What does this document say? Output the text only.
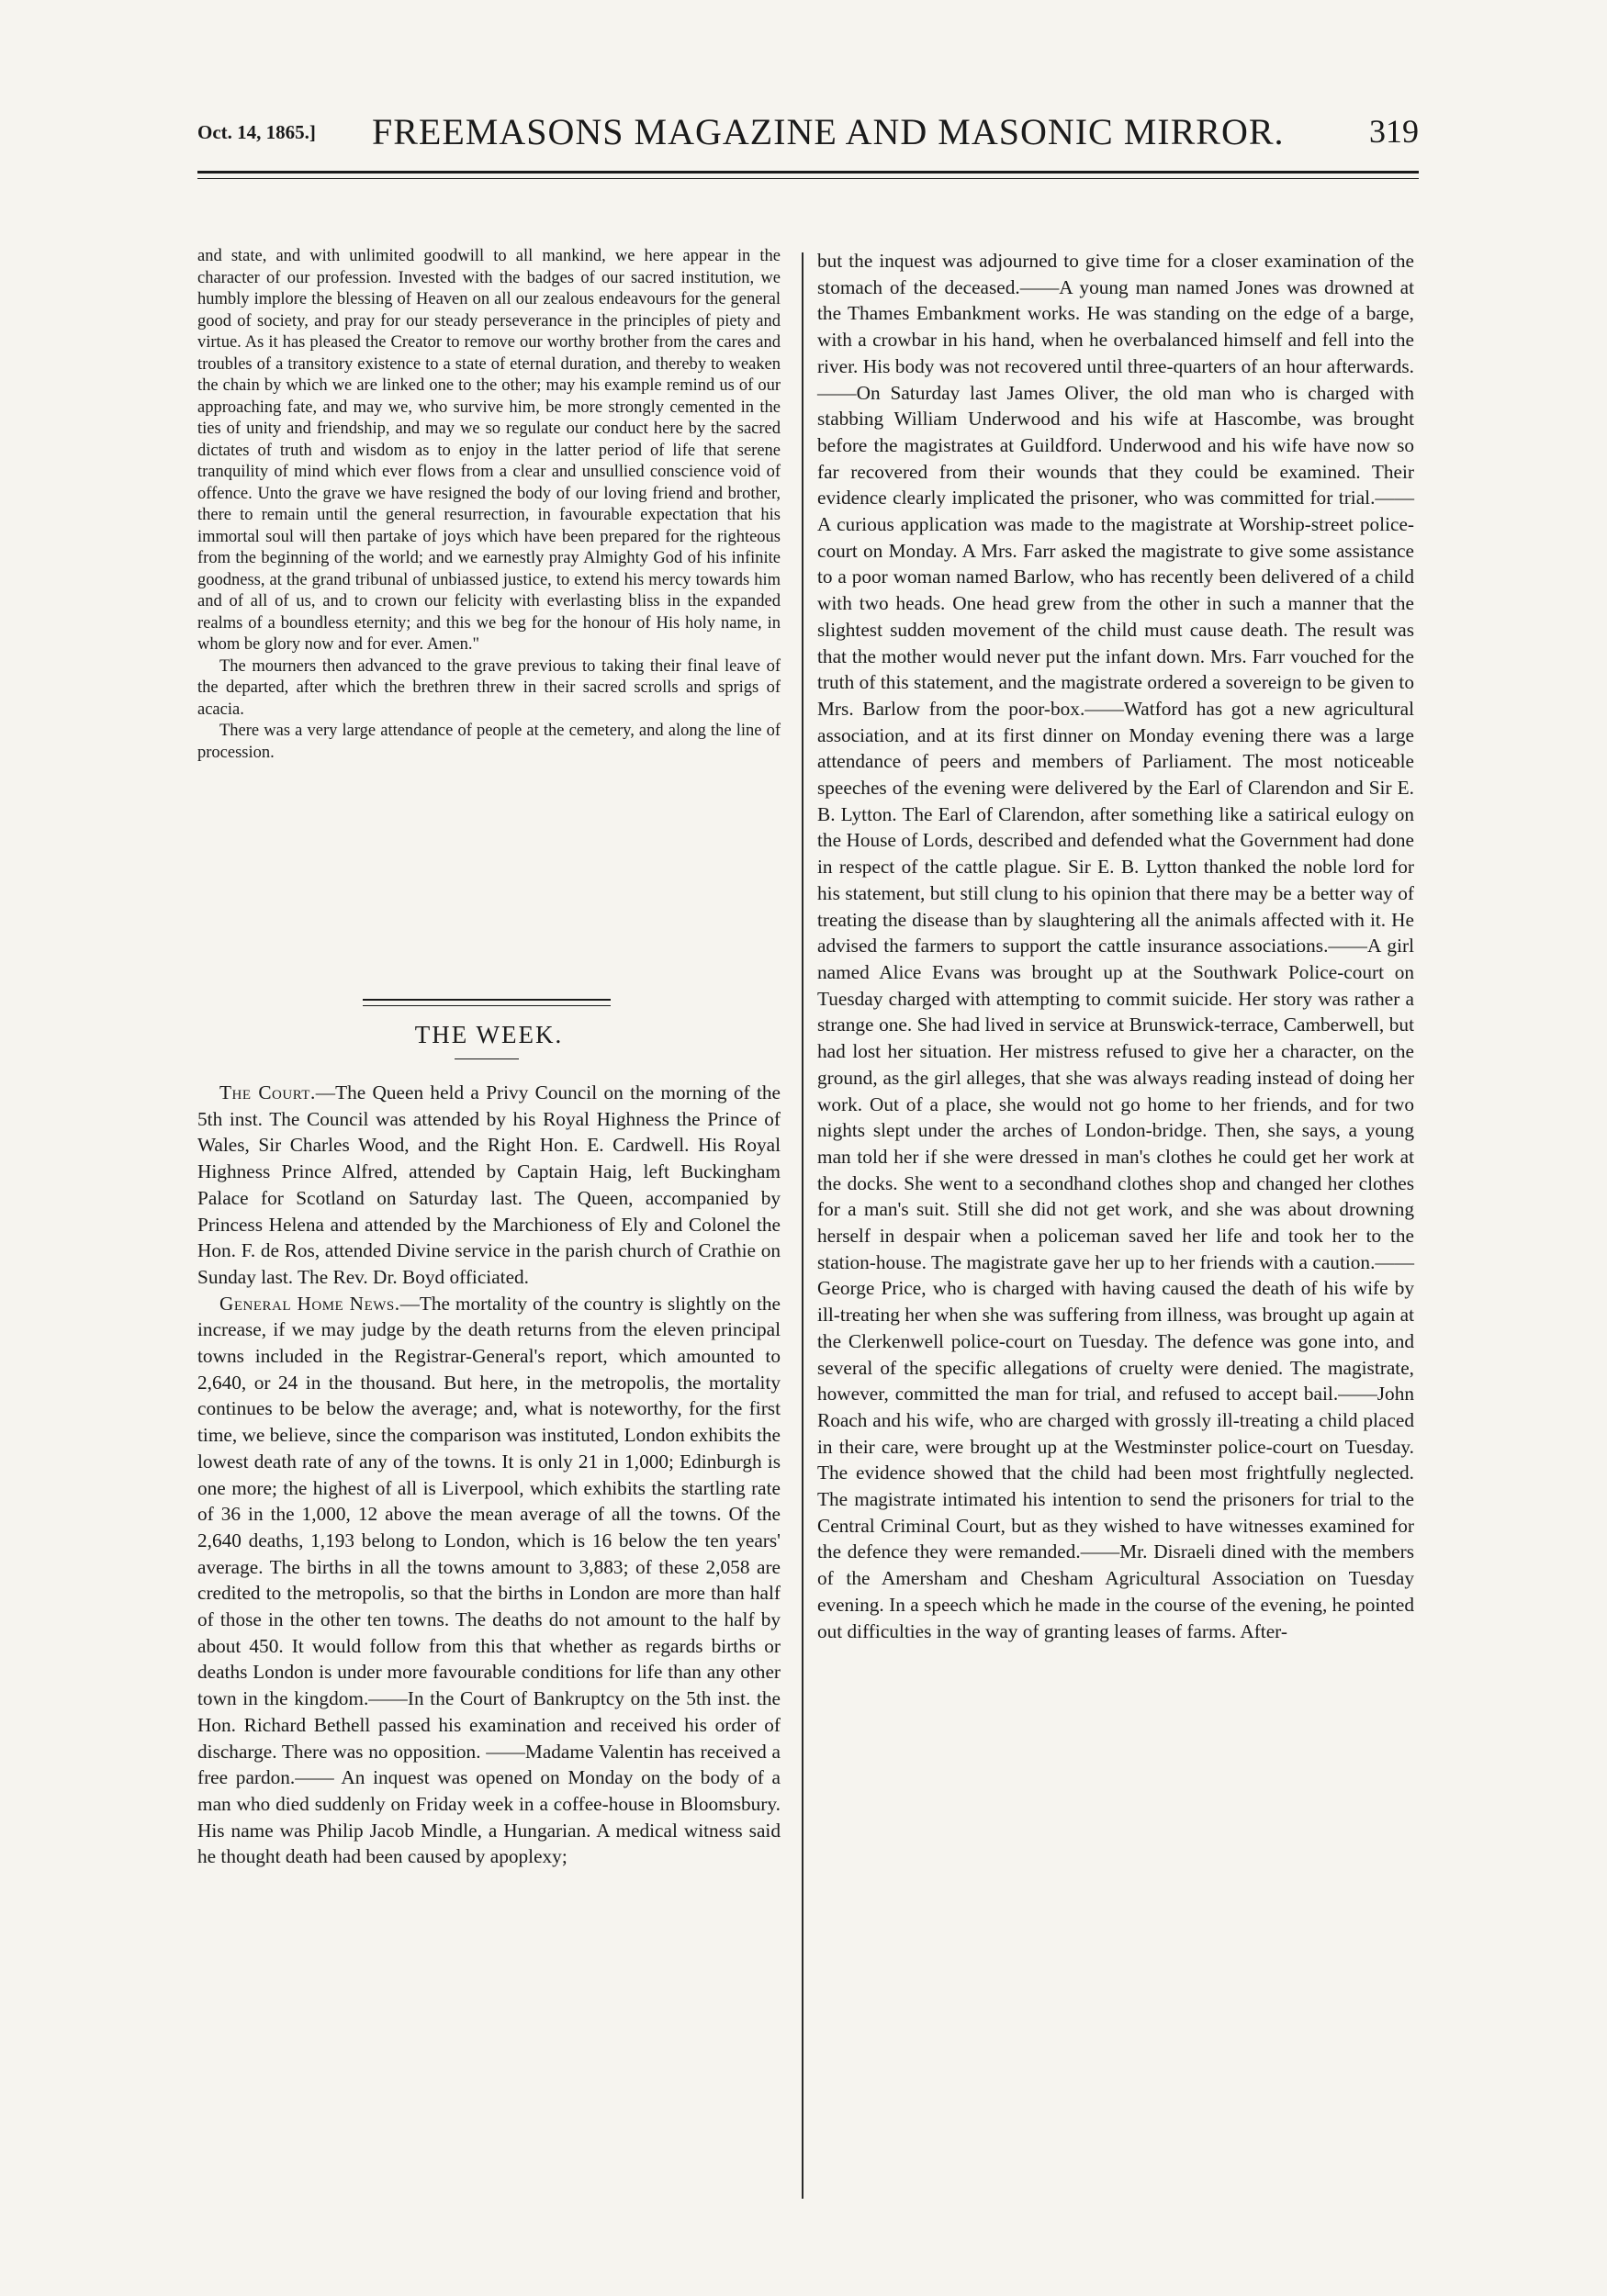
Oct. 14, 1865.] FREEMASONS MAGAZINE AND MASONIC MIRROR.	319

and state, and with unlimited goodwill to all mankind, we here appear in the character of our profession. Invested with the badges of our sacred institution, we humbly implore the blessing of Heaven on all our zealous endeavours for the general good of society, and pray for our steady perseverance in the principles of piety and virtue. As it has pleased the Creator to remove our worthy brother from the cares and troubles of a transitory existence to a state of eternal duration, and thereby to weaken the chain by which we are linked one to the other; may his example remind us of our approaching fate, and may we, who survive him, be more strongly cemented in the ties of unity and friendship, and may we so regulate our conduct here by the sacred dictates of truth and wisdom as to enjoy in the latter period of life that serene tranquility of mind which ever flows from a clear and unsullied conscience void of offence. Unto the grave we have resigned the body of our loving friend and brother, there to remain until the general resurrection, in favourable expectation that his immortal soul will then partake of joys which have been prepared for the righteous from the beginning of the world; and we earnestly pray Almighty God of his infinite goodness, at the grand tribunal of unbiassed justice, to extend his mercy towards him and of all of us, and to crown our felicity with everlasting bliss in the expanded realms of a boundless eternity; and this we beg for the honour of His holy name, in whom be glory now and for ever. Amen."

The mourners then advanced to the grave previous to taking their final leave of the departed, after which the brethren threw in their sacred scrolls and sprigs of acacia.

There was a very large attendance of people at the cemetery, and along the line of procession.

THE WEEK.

The Court.—The Queen held a Privy Council on the morning of the 5th inst. The Council was attended by his Royal Highness the Prince of Wales, Sir Charles Wood, and the Right Hon. E. Cardwell. His Royal Highness Prince Alfred, attended by Captain Haig, left Buckingham Palace for Scotland on Saturday last. The Queen, accompanied by Princess Helena and attended by the Marchioness of Ely and Colonel the Hon. F. de Ros, attended Divine service in the parish church of Crathie on Sunday last. The Rev. Dr. Boyd officiated.

General Home News.—The mortality of the country is slightly on the increase, if we may judge by the death returns from the eleven principal towns included in the Registrar-General's report, which amounted to 2,640, or 24 in the thousand. But here, in the metropolis, the mortality continues to be below the average; and, what is noteworthy, for the first time, we believe, since the comparison was instituted, London exhibits the lowest death rate of any of the towns. It is only 21 in 1,000; Edinburgh is one more; the highest of all is Liverpool, which exhibits the startling rate of 36 in the 1,000, 12 above the mean average of all the towns. Of the 2,640 deaths, 1,193 belong to London, which is 16 below the ten years' average. The births in all the towns amount to 3,883; of these 2,058 are credited to the metropolis, so that the births in London are more than half of those in the other ten towns. The deaths do not amount to the half by about 450. It would follow from this that whether as regards births or deaths London is under more favourable conditions for life than any other town in the kingdom.——In the Court of Bankruptcy on the 5th inst. the Hon. Richard Bethell passed his examination and received his order of discharge. There was no opposition. ——Madame Valentin has received a free pardon.—— An inquest was opened on Monday on the body of a man who died suddenly on Friday week in a coffee-house in Bloomsbury. His name was Philip Jacob Mindle, a Hungarian. A medical witness said he thought death had been caused by apoplexy;

but the inquest was adjourned to give time for a closer examination of the stomach of the deceased.——A young man named Jones was drowned at the Thames Embankment works. He was standing on the edge of a barge, with a crowbar in his hand, when he overbalanced himself and fell into the river. His body was not recovered until three-quarters of an hour afterwards.——On Saturday last James Oliver, the old man who is charged with stabbing William Underwood and his wife at Hascombe, was brought before the magistrates at Guildford. Underwood and his wife have now so far recovered from their wounds that they could be examined. Their evidence clearly implicated the prisoner, who was committed for trial.——A curious application was made to the magistrate at Worship-street police-court on Monday. A Mrs. Farr asked the magistrate to give some assistance to a poor woman named Barlow, who has recently been delivered of a child with two heads. One head grew from the other in such a manner that the slightest sudden movement of the child must cause death. The result was that the mother would never put the infant down. Mrs. Farr vouched for the truth of this statement, and the magistrate ordered a sovereign to be given to Mrs. Barlow from the poor-box.——Watford has got a new agricultural association, and at its first dinner on Monday evening there was a large attendance of peers and members of Parliament. The most noticeable speeches of the evening were delivered by the Earl of Clarendon and Sir E. B. Lytton. The Earl of Clarendon, after something like a satirical eulogy on the House of Lords, described and defended what the Government had done in respect of the cattle plague. Sir E. B. Lytton thanked the noble lord for his statement, but still clung to his opinion that there may be a better way of treating the disease than by slaughtering all the animals affected with it. He advised the farmers to support the cattle insurance associations.——A girl named Alice Evans was brought up at the Southwark Police-court on Tuesday charged with attempting to commit suicide. Her story was rather a strange one. She had lived in service at Brunswick-terrace, Camberwell, but had lost her situation. Her mistress refused to give her a character, on the ground, as the girl alleges, that she was always reading instead of doing her work. Out of a place, she would not go home to her friends, and for two nights slept under the arches of London-bridge. Then, she says, a young man told her if she were dressed in man's clothes he could get her work at the docks. She went to a secondhand clothes shop and changed her clothes for a man's suit. Still she did not get work, and she was about drowning herself in despair when a policeman saved her life and took her to the station-house. The magistrate gave her up to her friends with a caution.——George Price, who is charged with having caused the death of his wife by ill-treating her when she was suffering from illness, was brought up again at the Clerkenwell police-court on Tuesday. The defence was gone into, and several of the specific allegations of cruelty were denied. The magistrate, however, committed the man for trial, and refused to accept bail.——John Roach and his wife, who are charged with grossly ill-treating a child placed in their care, were brought up at the Westminster police-court on Tuesday. The evidence showed that the child had been most frightfully neglected. The magistrate intimated his intention to send the prisoners for trial to the Central Criminal Court, but as they wished to have witnesses examined for the defence they were remanded.——Mr. Disraeli dined with the members of the Amersham and Chesham Agricultural Association on Tuesday evening. In a speech which he made in the course of the evening, he pointed out difficulties in the way of granting leases of farms. After-
